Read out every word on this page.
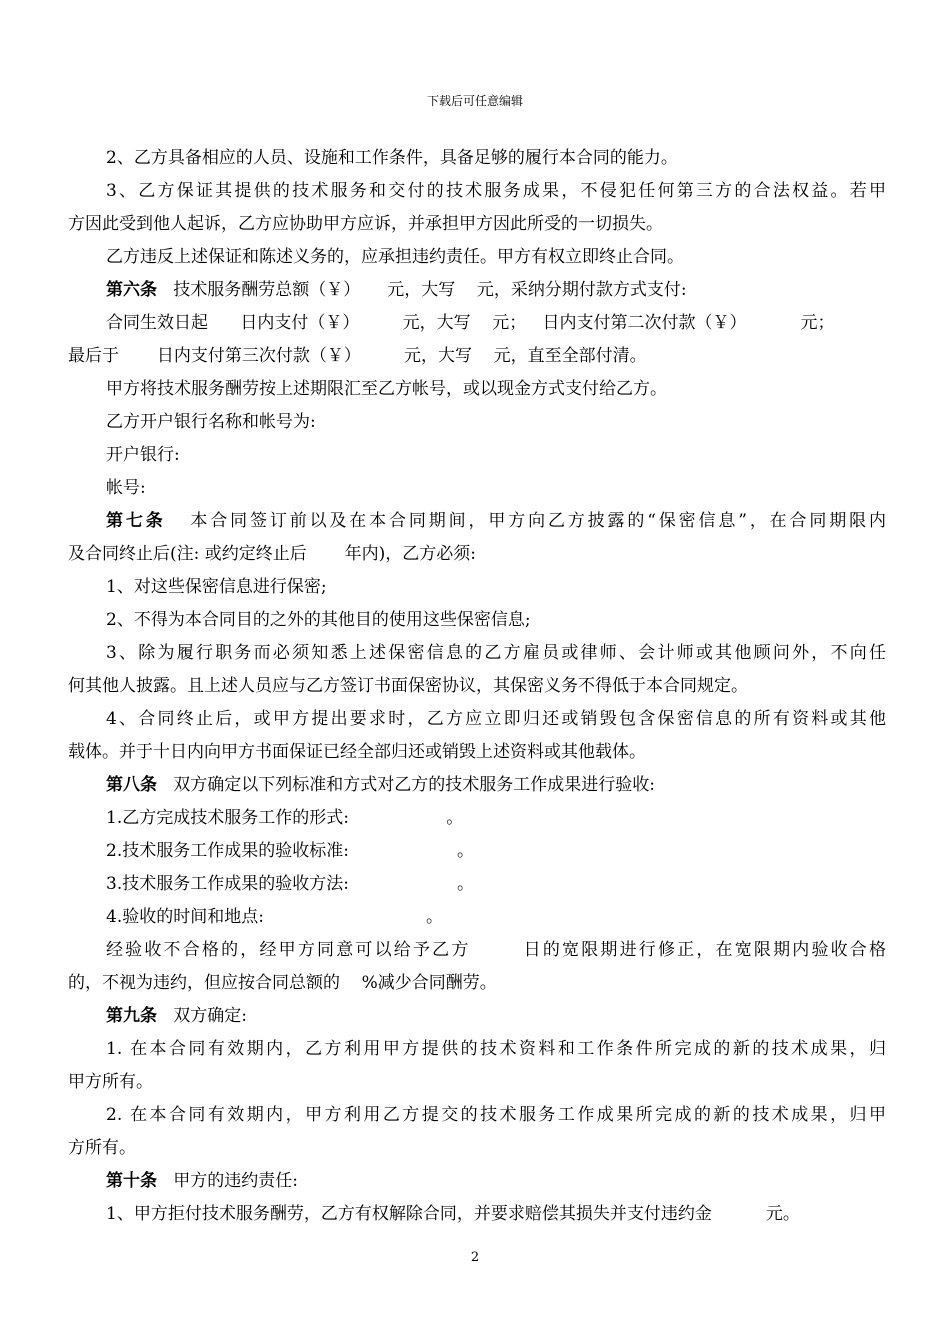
下载后可任意编辑
2、乙方具备相应的人员、设施和工作条件，具备足够的履行本合同的能力。
3、乙方保证其提供的技术服务和交付的技术服务成果，不侵犯任何第三方的合法权益。若甲
方因此受到他人起诉，乙方应协助甲方应诉，并承担甲方因此所受的一切损失。
乙方违反上述保证和陈述义务的，应承担违约责任。甲方有权立即终止合同。
第六条   技术服务酬劳总额（￥）     元，大写    元，采纳分期付款方式支付:
合同生效日起      日内支付（￥）        元，大写    元；   日内支付第二次付款（￥）          元；
最后于       日内支付第三次付款（￥）        元，大写    元，直至全部付清。
甲方将技术服务酬劳按上述期限汇至乙方帐号，或以现金方式支付给乙方。
乙方开户银行名称和帐号为:
开户银行:
帐号:
第七条   本合同签订前以及在本合同期间，甲方向乙方披露的“保密信息”，在合同期限内
及合同终止后(注: 或约定终止后       年内)，乙方必须:
1、对这些保密信息进行保密;
2、不得为本合同目的之外的其他目的使用这些保密信息;
3、除为履行职务而必须知悉上述保密信息的乙方雇员或律师、会计师或其他顾问外，不向任
何其他人披露。且上述人员应与乙方签订书面保密协议，其保密义务不得低于本合同规定。
4、合同终止后，或甲方提出要求时，乙方应立即归还或销毁包含保密信息的所有资料或其他
载体。并于十日内向甲方书面保证已经全部归还或销毁上述资料或其他载体。
第八条   双方确定以下列标准和方式对乙方的技术服务工作成果进行验收:
1.乙方完成技术服务工作的形式:                  。
2.技术服务工作成果的验收标准:                    。
3.技术服务工作成果的验收方法:                    。
4.验收的时间和地点:                              。
经验收不合格的，经甲方同意可以给予乙方       日的宽限期进行修正，在宽限期内验收合格
的，不视为违约，但应按合同总额的    %减少合同酬劳。
第九条   双方确定:
1. 在本合同有效期内，乙方利用甲方提供的技术资料和工作条件所完成的新的技术成果，归
甲方所有。
2. 在本合同有效期内，甲方利用乙方提交的技术服务工作成果所完成的新的技术成果，归甲
方所有。
第十条   甲方的违约责任:
1、甲方拒付技术服务酬劳，乙方有权解除合同，并要求赔偿其损失并支付违约金          元。
2
